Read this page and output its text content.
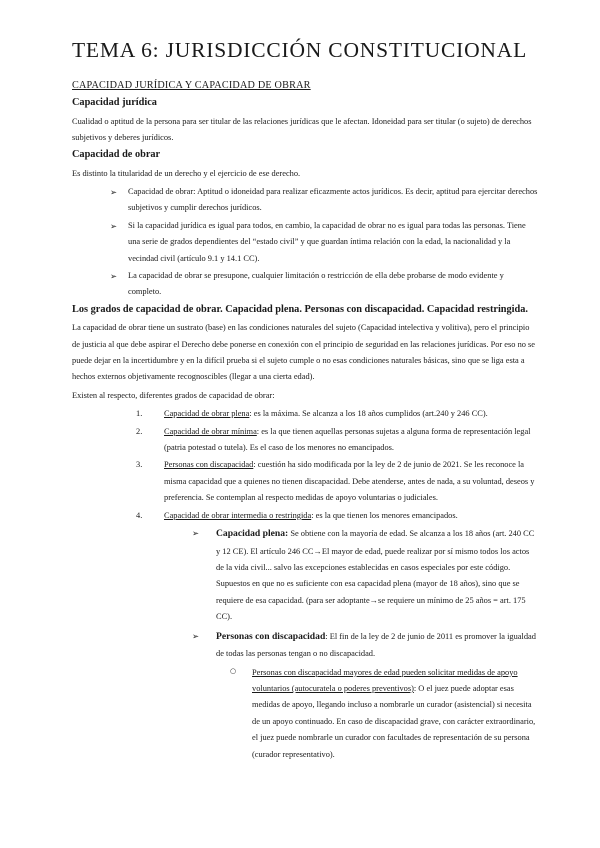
TEMA 6: JURISDICCIÓN CONSTITUCIONAL
CAPACIDAD JURÍDICA Y CAPACIDAD DE OBRAR
Capacidad jurídica

Cualidad o aptitud de la persona para ser titular de las relaciones jurídicas que le afectan. Idoneidad para ser titular (o sujeto) de derechos subjetivos y deberes jurídicos.

Capacidad de obrar

Es distinto la titularidad de un derecho y el ejercicio de ese derecho.

➢ Capacidad de obrar: Aptitud o idoneidad para realizar eficazmente actos jurídicos. Es decir, aptitud para ejercitar derechos subjetivos y cumplir derechos jurídicos.
➢ Si la capacidad jurídica es igual para todos, en cambio, la capacidad de obrar no es igual para todas las personas. Tiene una serie de grados dependientes del “estado civil” y que guardan íntima relación con la edad, la nacionalidad y la vecindad civil (artículo 9.1 y 14.1 CC).
➢ La capacidad de obrar se presupone, cualquier limitación o restricción de ella debe probarse de modo evidente y completo.
Los grados de capacidad de obrar. Capacidad plena. Personas con discapacidad. Capacidad restringida.

La capacidad de obrar tiene un sustrato (base) en las condiciones naturales del sujeto (Capacidad intelectiva y volitiva), pero el principio de justicia al que debe aspirar el Derecho debe ponerse en conexión con el principio de seguridad en las relaciones jurídicas. Por eso no se puede dejar en la incertidumbre y en la difícil prueba si el sujeto cumple o no esas condiciones naturales básicas, sino que se liga esta a hechos externos objetivamente recognoscibles (llegar a una cierta edad).

Existen al respecto, diferentes grados de capacidad de obrar:

1.	Capacidad de obrar plena: es la máxima. Se alcanza a los 18 años cumplidos (art.240 y 246 CC).
2.	Capacidad de obrar mínima: es la que tienen aquellas personas sujetas a alguna forma de representación legal (patria potestad o tutela). Es el caso de los menores no emancipados.
3.	Personas con discapacidad: cuestión ha sido modificada por la ley de 2 de junio de 2021. Se les reconoce la misma capacidad que a quienes no tienen discapacidad. Debe atenderse, antes de nada, a su voluntad, deseos y preferencia. Se contemplan al respecto medidas de apoyo voluntarias o judiciales.
4.	Capacidad de obrar intermedia o restringida: es la que tienen los menores emancipados.
➢ Capacidad plena: Se obtiene con la mayoría de edad. Se alcanza a los 18 años (art. 240 CC y 12 CE). El artículo 246 CC→El mayor de edad, puede realizar por sí mismo todos los actos de la vida civil... salvo las excepciones establecidas en casos especiales por este código. Supuestos en que no es suficiente con esa capacidad plena (mayor de 18 años), sino que se requiere de esa capacidad. (para ser adoptante→se requiere un mínimo de 25 años = art. 175 CC).
➢ Personas con discapacidad: El fin de la ley de 2 de junio de 2011 es promover la igualdad de todas las personas tengan o no discapacidad.
○ Personas con discapacidad mayores de edad pueden solicitar medidas de apoyo voluntarios (autocuratela o poderes preventivos): O el juez puede adoptar esas medidas de apoyo, llegando incluso a nombrarle un curador (asistencial) si necesita de un apoyo continuado. En caso de discapacidad grave, con carácter extraordinario, el juez puede nombrarle un curador con facultades de representación de su persona (curador representativo).
